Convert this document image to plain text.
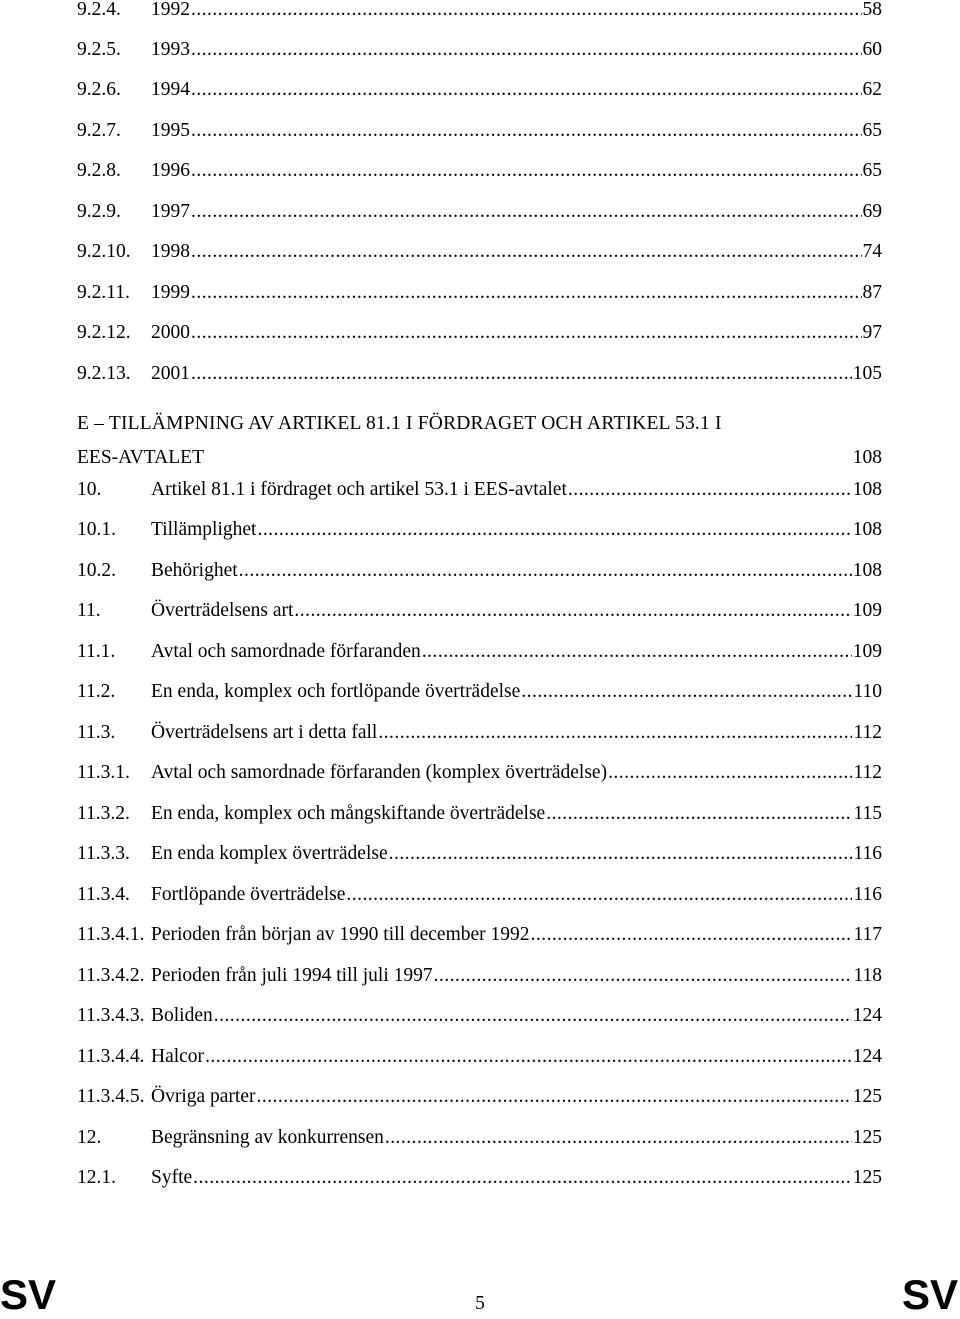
9.2.4. 1992 . . .	58
9.2.5. 1993 . . .	60
9.2.6. 1994 . . .	62
9.2.7. 1995 . . .	65
9.2.8. 1996 . . .	65
9.2.9. 1997 . . .	69
9.2.10. 1998 . . .	74
9.2.11. 1999 . . .	87
9.2.12. 2000 . . .	97
9.2.13. 2001 . . .	105
E – TILLÄMPNING AV ARTIKEL 81.1 I FÖRDRAGET OCH ARTIKEL 53.1 I
EES-AVTALET	108
10.	Artikel 81.1 i fördraget och artikel 53.1 i EES-avtalet . . .	108
10.1. Tillämplighet . . .	108
10.2. Behörighet . . .	108
11.	Överträdelsens art . . .	109
11.1. Avtal och samordnade förfaranden . . .	109
11.2. En enda, komplex och fortlöpande överträdelse . . .	110
11.3. Överträdelsens art i detta fall . . .	112
11.3.1. Avtal och samordnade förfaranden (komplex överträdelse) . . .	112
11.3.2. En enda, komplex och mångskiftande överträdelse . . .	115
11.3.3. En enda komplex överträdelse . . .	116
11.3.4. Fortlöpande överträdelse . . .	116
11.3.4.1. Perioden från början av 1990 till december 1992 . . .	117
11.3.4.2. Perioden från juli 1994 till juli 1997 . . .	118
11.3.4.3. Boliden . . .	124
11.3.4.4. Halcor . . .	124
11.3.4.5. Övriga parter . . .	125
12.	Begränsning av konkurrensen . . .	125
12.1. Syfte . . .	125
SV	5	SV
